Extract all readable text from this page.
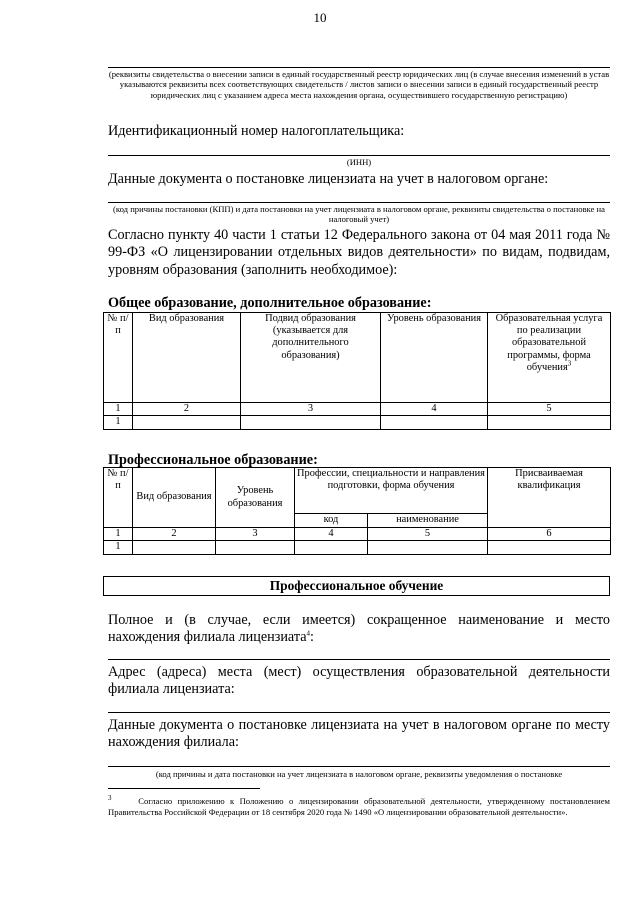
10
(реквизиты свидетельства о внесении записи в единый государственный реестр юридических лиц (в случае внесения изменений в устав указываются реквизиты всех соответствующих свидетельств / листов записи о внесении записи в единый государственный реестр юридических лиц с указанием адреса места нахождения органа, осуществившего государственную регистрацию)
Идентификационный номер налогоплательщика:
(ИНН)
Данные документа о постановке лицензиата на учет в налоговом органе:
(код причины постановки (КПП) и дата постановки на учет лицензиата в налоговом органе, реквизиты свидетельства о постановке на налоговый учет)
Согласно пункту 40 части 1 статьи 12 Федерального закона от 04 мая 2011 года № 99-ФЗ «О лицензировании отдельных видов деятельности» по видам, подвидам, уровням образования (заполнить необходимое):
Общее образование, дополнительное образование:
№ п/п	Вид образования	Подвид образования (указывается для дополнительного образования)	Уровень образования	Образовательная услуга по реализации образовательной программы, форма обучения$^3$
1	2	3	4	5
1				
Профессиональное образование:
№ п/п	Вид образования	Уровень образования	Профессии, специальности и направления подготовки, форма обучения		Присваиваемая квалификация
			код	наименование	
1	2	3	4	5	6
1					
Профессиональное обучение
Полное и (в случае, если имеется) сокращенное наименование и место нахождения филиала лицензиата$^4$:
Адрес (адреса) места (мест) осуществления образовательной деятельности филиала лицензиата:
Данные документа о постановке лицензиата на учет в налоговом органе по месту нахождения филиала:
(код причины и дата постановки на учет лицензиата в налоговом органе, реквизиты уведомления о постановке
$^3$	Согласно приложению к Положению о лицензировании образовательной деятельности, утвержденному постановлением Правительства Российской Федерации от 18 сентября 2020 года № 1490 «О лицензировании образовательной деятельности».
